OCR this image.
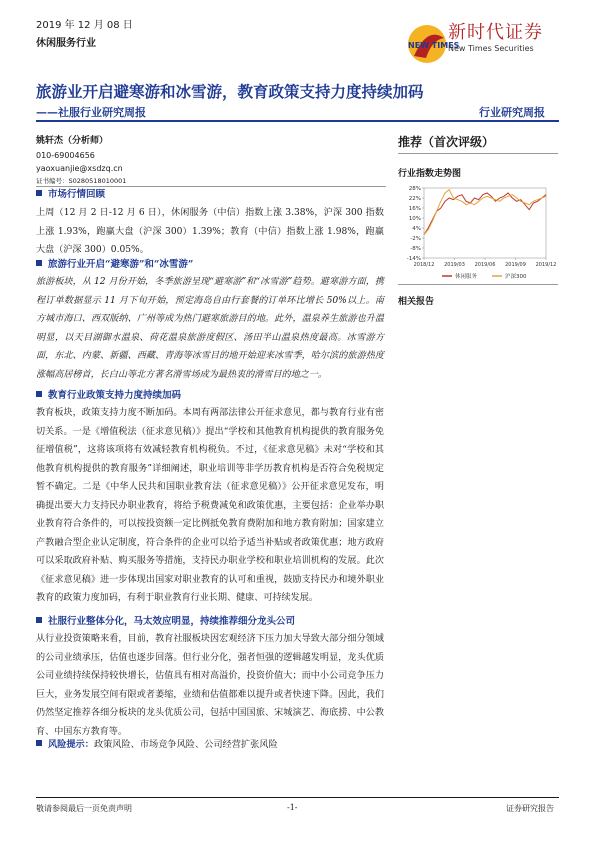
2019 年 12 月 08 日
休闲服务行业	NEW TIMES
新时代证券
New Times Securities
旅游业开启避寒游和冰雪游，教育政策支持力度持续加码
——社服行业研究周报	行业研究周报
姚轩杰（分析师）
010-69004656
yaoxuanjie@xsdzq.cn
证书编号：S0280518010001
市场行情回顾
上周（12 月 2 日-12 月 6 日），休闲服务（中信）指数上涨 3.38%，沪深 300 指数上涨 1.93%，跑赢大盘（沪深 300）1.39%；教育（中信）指数上涨 1.98%，跑赢大盘（沪深 300）0.05%。
旅游行业开启“避寒游”和“冰雪游”
旅游板块，从 12 月份开始，冬季旅游呈现“避寒游”和“冰雪游”趋势。避寒游方面，携程订单数据显示 11 月下旬开始，预定海岛自由行套餐的订单环比增长 50%以上。南方城市海口、西双版纳、广州等成为热门避寒旅游目的地。此外，温泉养生旅游也升温明显，以天目湖御水温泉、荷花温泉旅游度假区、汤田半山温泉热度最高。冰雪游方面，东北、内蒙、新疆、西藏、青海等冰雪目的地开始迎来冰雪季，哈尔滨的旅游热度涨幅高居榜首，长白山等北方著名滑雪场成为最热衷的滑雪目的地之一。
教育行业政策支持力度持续加码
教育板块，政策支持力度不断加码。本周有两部法律公开征求意见，都与教育行业有密切关系。一是《增值税法（征求意见稿）》提出“学校和其他教育机构提供的教育服务免征增值税”，这将该项将有效减轻教育机构税负。不过，《征求意见稿》未对“学校和其他教育机构提供的教育服务”详细阐述，职业培训等非学历教育机构是否符合免税规定暂不确定。二是《中华人民共和国职业教育法（征求意见稿）》公开征求意见发布，明确提出要大力支持民办职业教育，将给予税费减免和政策优惠，主要包括：企业举办职业教育符合条件的，可以按投资额一定比例抵免教育费附加和地方教育附加；国家建立产教融合型企业认定制度，符合条件的企业可以给予适当补贴或者政策优惠；地方政府可以采取政府补贴、购买服务等措施，支持民办职业学校和职业培训机构的发展。此次《征求意见稿》进一步体现出国家对职业教育的认可和重视，鼓励支持民办和境外职业教育的政策力度加码，有利于职业教育行业长期、健康、可持续发展。
社服行业整体分化，马太效应明显，持续推荐细分龙头公司
从行业投资策略来看，目前，教育社服板块因宏观经济下压力加大导致大部分细分领域的公司业绩承压，估值也逐步回落。但行业分化，强者恒强的逻辑越发明显，龙头优质公司业绩持续保持较快增长，估值具有相对高溢价，投资价值大；而中小公司竞争压力巨大，业务发展空间有限或者萎缩，业绩和估值都难以提升或者快速下降。因此，我们仍然坚定推荐各细分板块的龙头优质公司，包括中国国旅、宋城演艺、海底捞、中公教育、中国东方教育等。
风险提示：政策风险、市场竞争风险、公司经营扩张风险
推荐（首次评级）
行业指数走势图
28%
22%
16%
10%
4%
-2%
-8%
-14%
2018/12 2019/03 2019/06 2019/09 2019/12
休闲服务	沪深300
相关报告
敬请参阅最后一页免责声明	-1-	证券研究报告
